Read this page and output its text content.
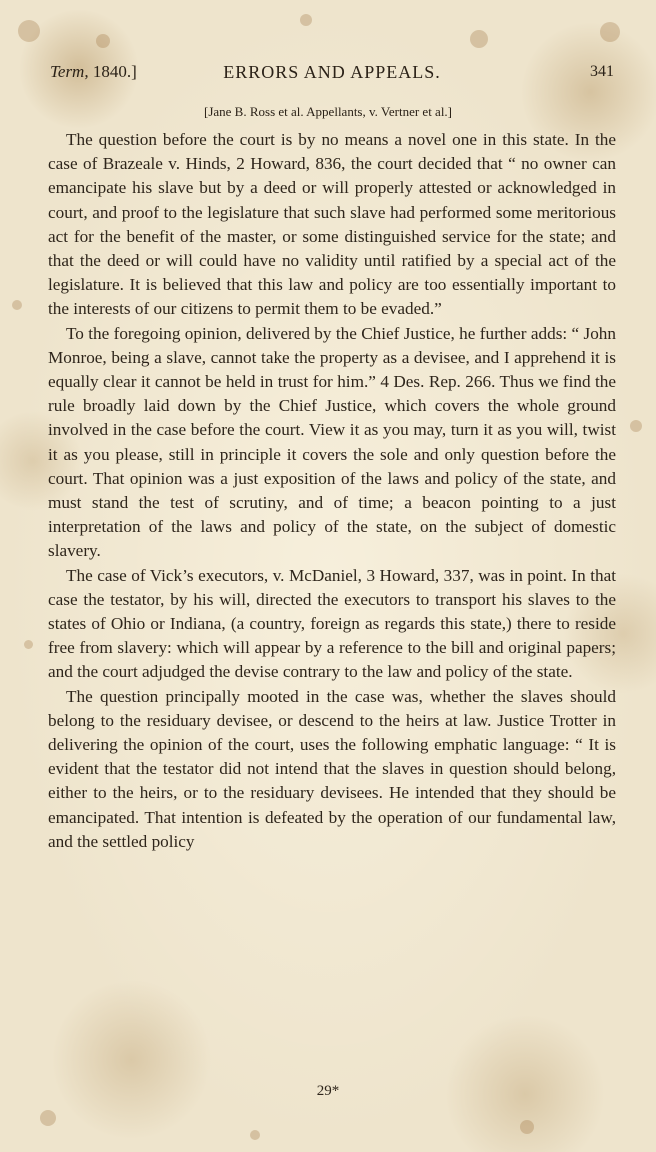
Term, 1840.]	ERRORS AND APPEALS.	341
[Jane B. Ross et al. Appellants, v. Vertner et al.]

The question before the court is by no means a novel one in this state. In the case of Brazeale v. Hinds, 2 Howard, 836, the court decided that “ no owner can emancipate his slave but by a deed or will properly attested or acknowledged in court, and proof to the legislature that such slave had performed some meritorious act for the benefit of the master, or some distinguished service for the state; and that the deed or will could have no validity until ratified by a special act of the legislature. It is believed that this law and policy are too essentially important to the interests of our citizens to permit them to be evaded.”

To the foregoing opinion, delivered by the Chief Justice, he further adds: “ John Monroe, being a slave, cannot take the property as a devisee, and I apprehend it is equally clear it cannot be held in trust for him.” 4 Des. Rep. 266. Thus we find the rule broadly laid down by the Chief Justice, which covers the whole ground involved in the case before the court. View it as you may, turn it as you will, twist it as you please, still in principle it covers the sole and only question before the court. That opinion was a just exposition of the laws and policy of the state, and must stand the test of scrutiny, and of time; a beacon pointing to a just interpretation of the laws and policy of the state, on the subject of domestic slavery.

The case of Vick’s executors, v. McDaniel, 3 Howard, 337, was in point. In that case the testator, by his will, directed the executors to transport his slaves to the states of Ohio or Indiana, (a country, foreign as regards this state,) there to reside free from slavery: which will appear by a reference to the bill and original papers; and the court adjudged the devise contrary to the law and policy of the state.

The question principally mooted in the case was, whether the slaves should belong to the residuary devisee, or descend to the heirs at law. Justice Trotter in delivering the opinion of the court, uses the following emphatic language: “ It is evident that the testator did not intend that the slaves in question should belong, either to the heirs, or to the residuary devisees. He intended that they should be emancipated. That intention is defeated by the operation of our fundamental law, and the settled policy

29*
